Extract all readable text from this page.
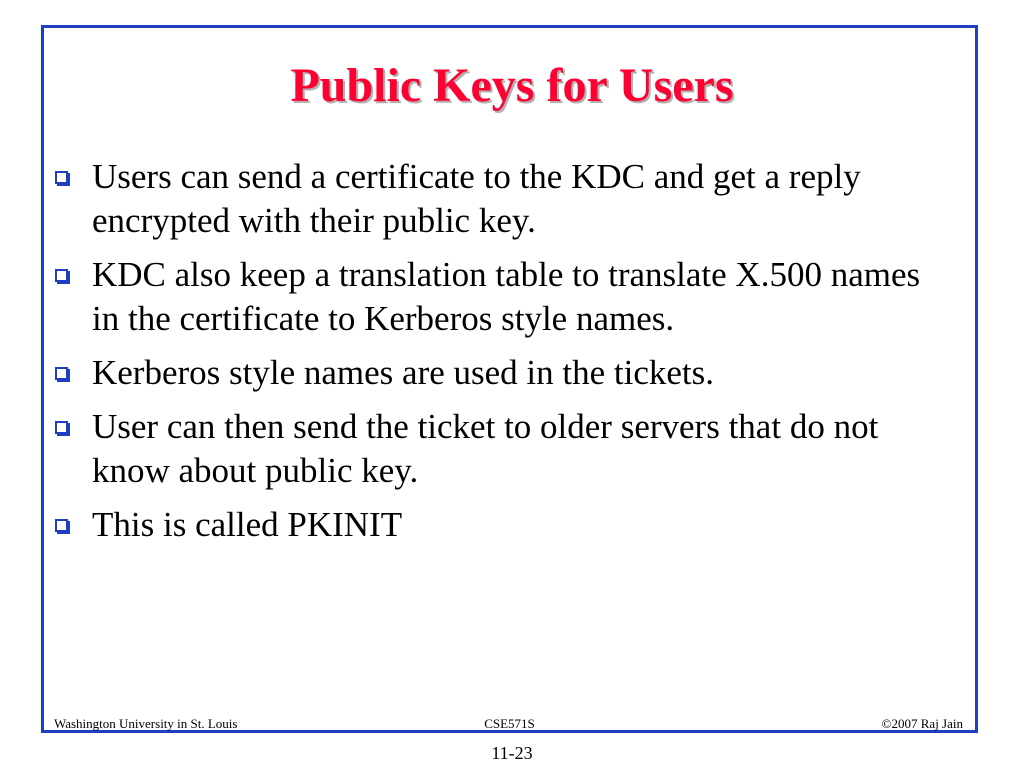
Public Keys for Users
Users can send a certificate to the KDC and get a reply encrypted with their public key.
KDC also keep a translation table to translate X.500 names in the certificate to Kerberos style names.
Kerberos style names are used in the tickets.
User can then send the ticket to older servers that do not know about public key.
This is called PKINIT
Washington University in St. Louis	CSE571S	©2007 Raj Jain
11-23
